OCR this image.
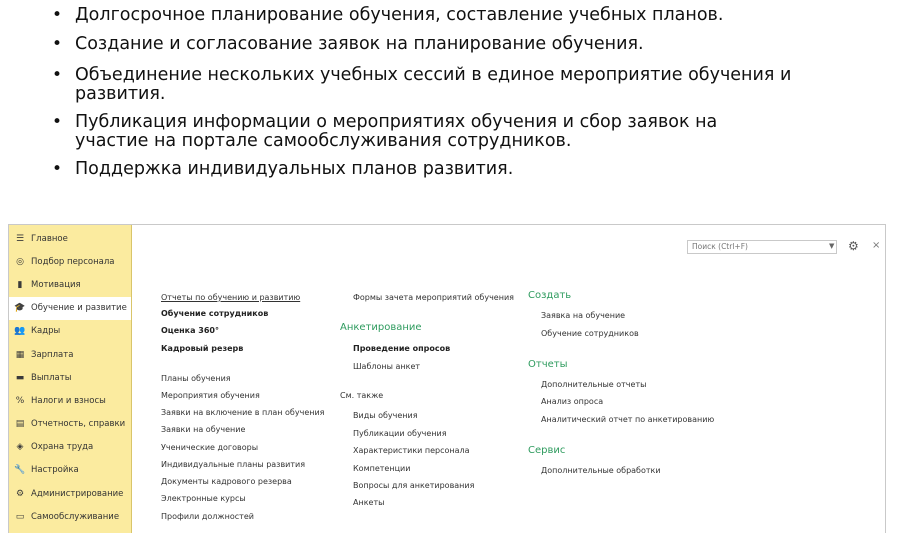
• Долгосрочное планирование обучения, составление учебных планов.
• Создание и согласование заявок на планирование обучения.
• Объединение нескольких учебных сессий в единое мероприятие обучения и развития.
• Публикация информации о мероприятиях обучения и сбор заявок на участие на портале самообслуживания сотрудников.
• Поддержка индивидуальных планов развития.
☰ Главное
◎ Подбор персонала
▮	Мотивация
🎓 Обучение и развитие
👥 Кадры
▦ Зарплата
▬ Выплаты
% Налоги и взносы
▤ Отчетность, справки
◈ Охрана труда
🔧 Настройка
⚙ Администрирование
▭ Самообслуживание
Поиск (Ctrl+F)
▼ ⚙ ×
Отчеты по обучению и развитию
Обучение сотрудников
Оценка 360°
Кадровый резерв
Планы обучения
Мероприятия обучения
Заявки на включение в план обучения
Заявки на обучение
Ученические договоры
Индивидуальные планы развития
Документы кадрового резерва
Электронные курсы
Профили должностей
Формы зачета мероприятий обучения
Анкетирование
Проведение опросов
Шаблоны анкет
См. также
Виды обучения
Публикации обучения
Характеристики персонала
Компетенции
Вопросы для анкетирования
Анкеты
Создать
Заявка на обучение
Обучение сотрудников
Отчеты
Дополнительные отчеты
Анализ опроса
Аналитический отчет по анкетированию
Сервис
Дополнительные обработки
